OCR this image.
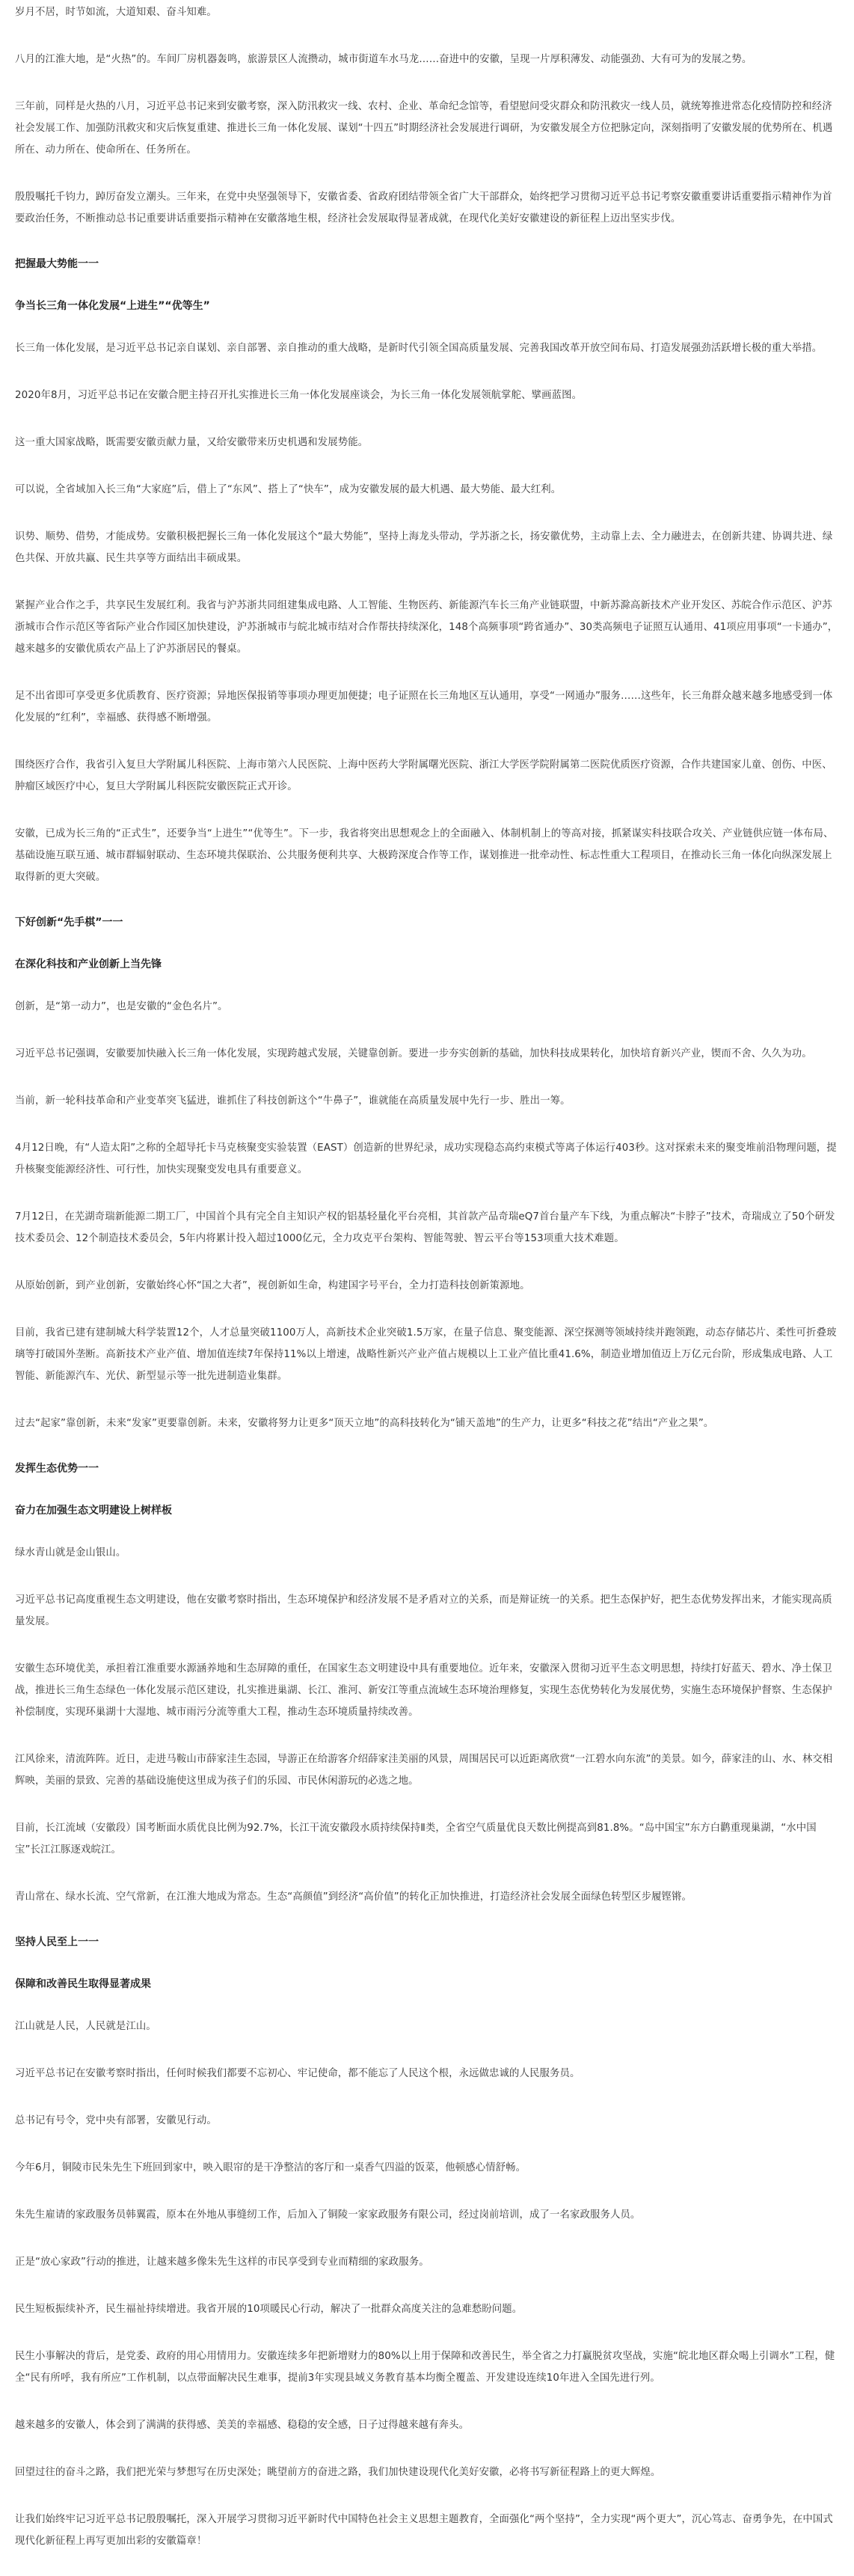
岁月不居，时节如流，大道知艰、奋斗知难。

八月的江淮大地，是“火热”的。车间厂房机器轰鸣，旅游景区人流攒动，城市街道车水马龙……奋进中的安徽，呈现一片厚积薄发、动能强劲、大有可为的发展之势。

三年前，同样是火热的八月，习近平总书记来到安徽考察，深入防汛救灾一线、农村、企业、革命纪念馆等，看望慰问受灾群众和防汛救灾一线人员，就统筹推进常态化疫情防控和经济社会发展工作、加强防汛救灾和灾后恢复重建、推进长三角一体化发展、谋划“十四五”时期经济社会发展进行调研，为安徽发展全方位把脉定向，深刻指明了安徽发展的优势所在、机遇所在、动力所在、使命所在、任务所在。

殷殷嘱托千钧力，踔厉奋发立潮头。三年来，在党中央坚强领导下，安徽省委、省政府团结带领全省广大干部群众，始终把学习贯彻习近平总书记考察安徽重要讲话重要指示精神作为首要政治任务，不断推动总书记重要讲话重要指示精神在安徽落地生根，经济社会发展取得显著成就，在现代化美好安徽建设的新征程上迈出坚实步伐。

把握最大势能一一
争当长三角一体化发展“上进生”“优等生”

长三角一体化发展，是习近平总书记亲自谋划、亲自部署、亲自推动的重大战略，是新时代引领全国高质量发展、完善我国改革开放空间布局、打造发展强劲活跃增长极的重大举措。

2020年8月，习近平总书记在安徽合肥主持召开扎实推进长三角一体化发展座谈会，为长三角一体化发展领航掌舵、擘画蓝图。

这一重大国家战略，既需要安徽贡献力量，又给安徽带来历史机遇和发展势能。

可以说，全省域加入长三角“大家庭”后，借上了“东风”、搭上了“快车”，成为安徽发展的最大机遇、最大势能、最大红利。

识势、顺势、借势，才能成势。安徽积极把握长三角一体化发展这个“最大势能”，坚持上海龙头带动，学苏浙之长，扬安徽优势，主动靠上去、全力融进去，在创新共建、协调共进、绿色共保、开放共赢、民生共享等方面结出丰硕成果。

紧握产业合作之手，共享民生发展红利。我省与沪苏浙共同组建集成电路、人工智能、生物医药、新能源汽车长三角产业链联盟，中新苏滁高新技术产业开发区、苏皖合作示范区、沪苏浙城市合作示范区等省际产业合作园区加快建设，沪苏浙城市与皖北城市结对合作帮扶持续深化，148个高频事项“跨省通办”、30类高频电子证照互认通用、41项应用事项“一卡通办”，越来越多的安徽优质农产品上了沪苏浙居民的餐桌。

足不出省即可享受更多优质教育、医疗资源；异地医保报销等事项办理更加便捷；电子证照在长三角地区互认通用，享受“一网通办”服务……这些年，长三角群众越来越多地感受到一体化发展的“红利”，幸福感、获得感不断增强。

围绕医疗合作，我省引入复旦大学附属儿科医院、上海市第六人民医院、上海中医药大学附属曙光医院、浙江大学医学院附属第二医院优质医疗资源，合作共建国家儿童、创伤、中医、肿瘤区域医疗中心，复旦大学附属儿科医院安徽医院正式开诊。

安徽，已成为长三角的“正式生”，还要争当“上进生”“优等生”。下一步，我省将突出思想观念上的全面融入、体制机制上的等高对接，抓紧谋实科技联合攻关、产业链供应链一体布局、基础设施互联互通、城市群辐射联动、生态环境共保联治、公共服务便利共享、大极跨深度合作等工作，谋划推进一批牵动性、标志性重大工程项目，在推动长三角一体化向纵深发展上取得新的更大突破。

下好创新“先手棋”一一
在深化科技和产业创新上当先锋

创新，是“第一动力”，也是安徽的“金色名片”。

习近平总书记强调，安徽要加快融入长三角一体化发展，实现跨越式发展，关键靠创新。要进一步夯实创新的基础，加快科技成果转化，加快培育新兴产业，锲而不舍、久久为功。

当前，新一轮科技革命和产业变革突飞猛进，谁抓住了科技创新这个“牛鼻子”，谁就能在高质量发展中先行一步、胜出一筹。

4月12日晚，有“人造太阳”之称的全超导托卡马克核聚变实验装置（EAST）创造新的世界纪录，成功实现稳态高约束模式等离子体运行403秒。这对探索未来的聚变堆前沿物理问题，提升核聚变能源经济性、可行性，加快实现聚变发电具有重要意义。

7月12日，在芜湖奇瑞新能源二期工厂，中国首个具有完全自主知识产权的铝基轻量化平台亮相，其首款产品奇瑞eQ7首台量产车下线，为重点解决“卡脖子”技术，奇瑞成立了50个研发技术委员会、12个制造技术委员会，5年内将累计投入超过1000亿元，全力攻克平台架构、智能驾驶、智云平台等153项重大技术难题。

从原始创新，到产业创新，安徽始终心怀“国之大者”，视创新如生命，构建国字号平台，全力打造科技创新策源地。

目前，我省已建有建制城大科学装置12个，人才总量突破1100万人，高新技术企业突破1.5万家，在量子信息、聚变能源、深空探测等领域持续并跑领跑，动态存储芯片、柔性可折叠玻璃等打破国外垄断。高新技术产业产值、增加值连续7年保持11%以上增速，战略性新兴产业产值占规模以上工业产值比重41.6%，制造业增加值迈上万亿元台阶，形成集成电路、人工智能、新能源汽车、光伏、新型显示等一批先进制造业集群。

过去“起家”靠创新，未来“发家”更要靠创新。未来，安徽将努力让更多“顶天立地”的高科技转化为“铺天盖地”的生产力，让更多“科技之花”结出“产业之果”。

发挥生态优势一一
奋力在加强生态文明建设上树样板

绿水青山就是金山银山。

习近平总书记高度重视生态文明建设，他在安徽考察时指出，生态环境保护和经济发展不是矛盾对立的关系，而是辩证统一的关系。把生态保护好，把生态优势发挥出来，才能实现高质量发展。

安徽生态环境优美，承担着江淮重要水源涵养地和生态屏障的重任，在国家生态文明建设中具有重要地位。近年来，安徽深入贯彻习近平生态文明思想，持续打好蓝天、碧水、净土保卫战，推进长三角生态绿色一体化发展示范区建设，扎实推进巢湖、长江、淮河、新安江等重点流域生态环境治理修复，实现生态优势转化为发展优势，实施生态环境保护督察、生态保护补偿制度，实现环巢湖十大湿地、城市雨污分流等重大工程，推动生态环境质量持续改善。

江风徐来，清流阵阵。近日，走进马鞍山市薛家洼生态园，导游正在给游客介绍薛家洼美丽的风景，周围居民可以近距离欣赏“一江碧水向东流”的美景。如今，薛家洼的山、水、林交相辉映，美丽的景致、完善的基础设施使这里成为孩子们的乐园、市民休闲游玩的必选之地。

目前，长江流域（安徽段）国考断面水质优良比例为92.7%，长江干流安徽段水质持续保持Ⅱ类，全省空气质量优良天数比例提高到81.8%。“岛中国宝”东方白鹳重现巢湖，“水中国宝”长江江豚逐戏皖江。

青山常在、绿水长流、空气常新，在江淮大地成为常态。生态“高颜值”到经济“高价值”的转化正加快推进，打造经济社会发展全面绿色转型区步履铿锵。

坚持人民至上一一
保障和改善民生取得显著成果

江山就是人民，人民就是江山。

习近平总书记在安徽考察时指出，任何时候我们都要不忘初心、牢记使命，都不能忘了人民这个根，永远做忠诚的人民服务员。

总书记有号令，党中央有部署，安徽见行动。

今年6月，铜陵市民朱先生下班回到家中，映入眼帘的是干净整洁的客厅和一桌香气四溢的饭菜，他顿感心情舒畅。

朱先生雇请的家政服务员韩翼霞，原本在外地从事缝纫工作，后加入了铜陵一家家政服务有限公司，经过岗前培训，成了一名家政服务人员。

正是“放心家政”行动的推进，让越来越多像朱先生这样的市民享受到专业而精细的家政服务。

民生短板振续补齐，民生福祉持续增进。我省开展的10项暖民心行动，解决了一批群众高度关注的急难愁盼问题。

民生小事解决的背后，是党委、政府的用心用情用力。安徽连续多年把新增财力的80%以上用于保障和改善民生，举全省之力打赢脱贫攻坚战，实施“皖北地区群众喝上引调水”工程，健全“民有所呼，我有所应”工作机制，以点带面解决民生难事，提前3年实现县域义务教育基本均衡全覆盖、开发建设连续10年进入全国先进行列。

越来越多的安徽人，体会到了满满的获得感、美美的幸福感、稳稳的安全感，日子过得越来越有奔头。

回望过往的奋斗之路，我们把光荣与梦想写在历史深处；眺望前方的奋进之路，我们加快建设现代化美好安徽，必将书写新征程路上的更大辉煌。

让我们始终牢记习近平总书记殷殷嘱托，深入开展学习贯彻习近平新时代中国特色社会主义思想主题教育，全面强化“两个坚持”，全力实现“两个更大”，沉心笃志、奋勇争先，在中国式现代化新征程上再写更加出彩的安徽篇章！
